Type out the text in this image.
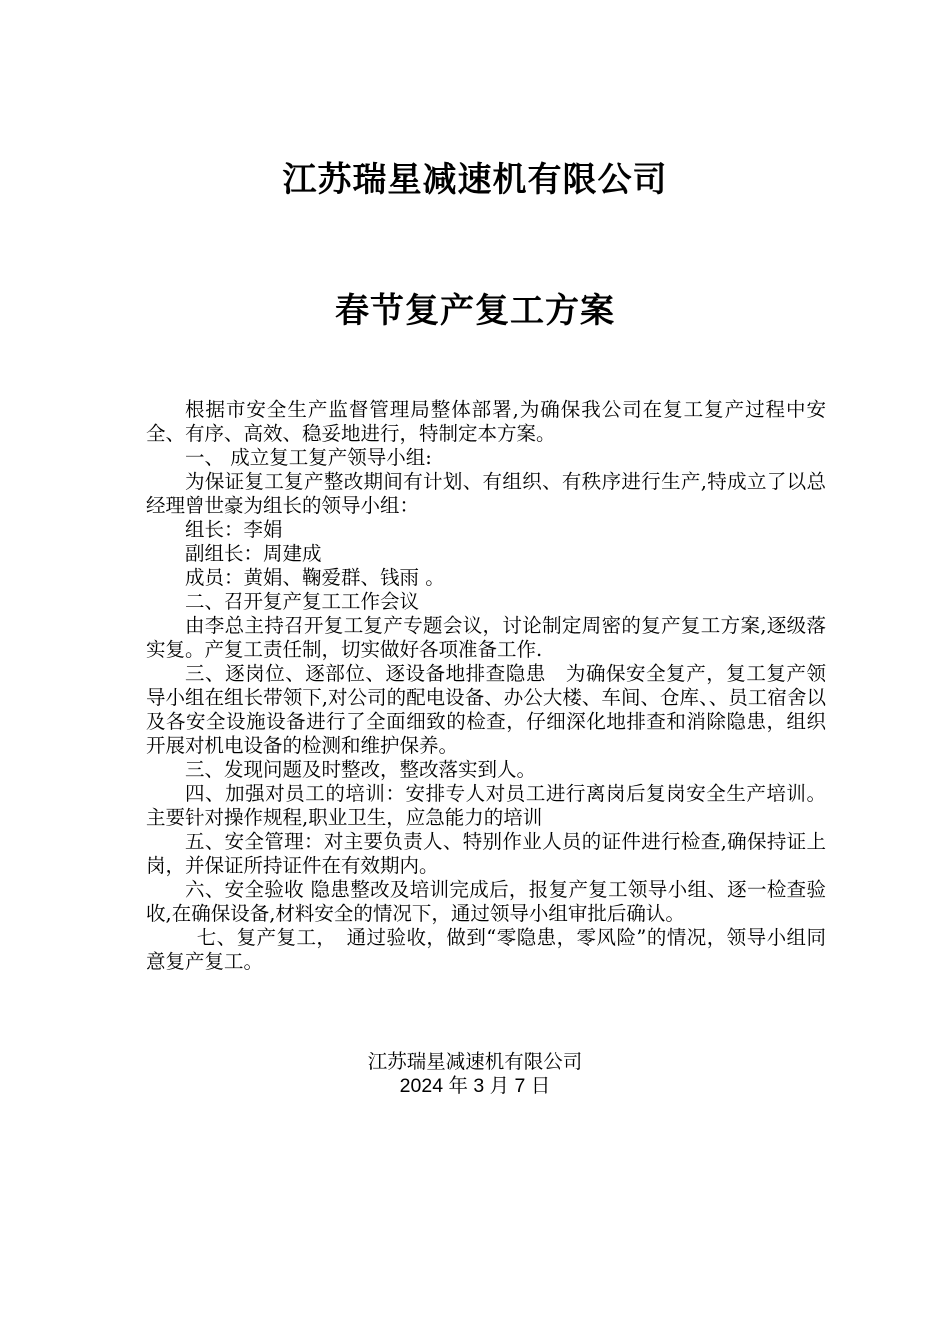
江苏瑞星减速机有限公司
春节复产复工方案

根据市安全生产监督管理局整体部署,为确保我公司在复工复产过程中安全、有序、高效、稳妥地进行，特制定本方案。

一、 成立复工复产领导小组:

为保证复工复产整改期间有计划、有组织、有秩序进行生产,特成立了以总经理曾世豪为组长的领导小组：

组长：李娟

副组长：周建成

成员：黄娟、鞠爱群、钱雨 。

二、召开复产复工工作会议

由李总主持召开复工复产专题会议，讨论制定周密的复产复工方案,逐级落实复。产复工责任制，切实做好各项准备工作.

三、逐岗位、逐部位、逐设备地排查隐患　为确保安全复产，复工复产领导小组在组长带领下,对公司的配电设备、办公大楼、车间、仓库、、员工宿舍以及各安全设施设备进行了全面细致的检查，仔细深化地排查和消除隐患，组织开展对机电设备的检测和维护保养。

三、发现问题及时整改，整改落实到人。

四、加强对员工的培训：安排专人对员工进行离岗后复岗安全生产培训。主要针对操作规程,职业卫生，应急能力的培训

五、安全管理：对主要负责人、特别作业人员的证件进行检查,确保持证上岗，并保证所持证件在有效期内。

六、安全验收 隐患整改及培训完成后，报复产复工领导小组、逐一检查验收,在确保设备,材料安全的情况下，通过领导小组审批后确认。

七、复产复工，　通过验收，做到“零隐患，零风险”的情况，领导小组同意复产复工。

江苏瑞星减速机有限公司
2024 年 3 月 7 日
